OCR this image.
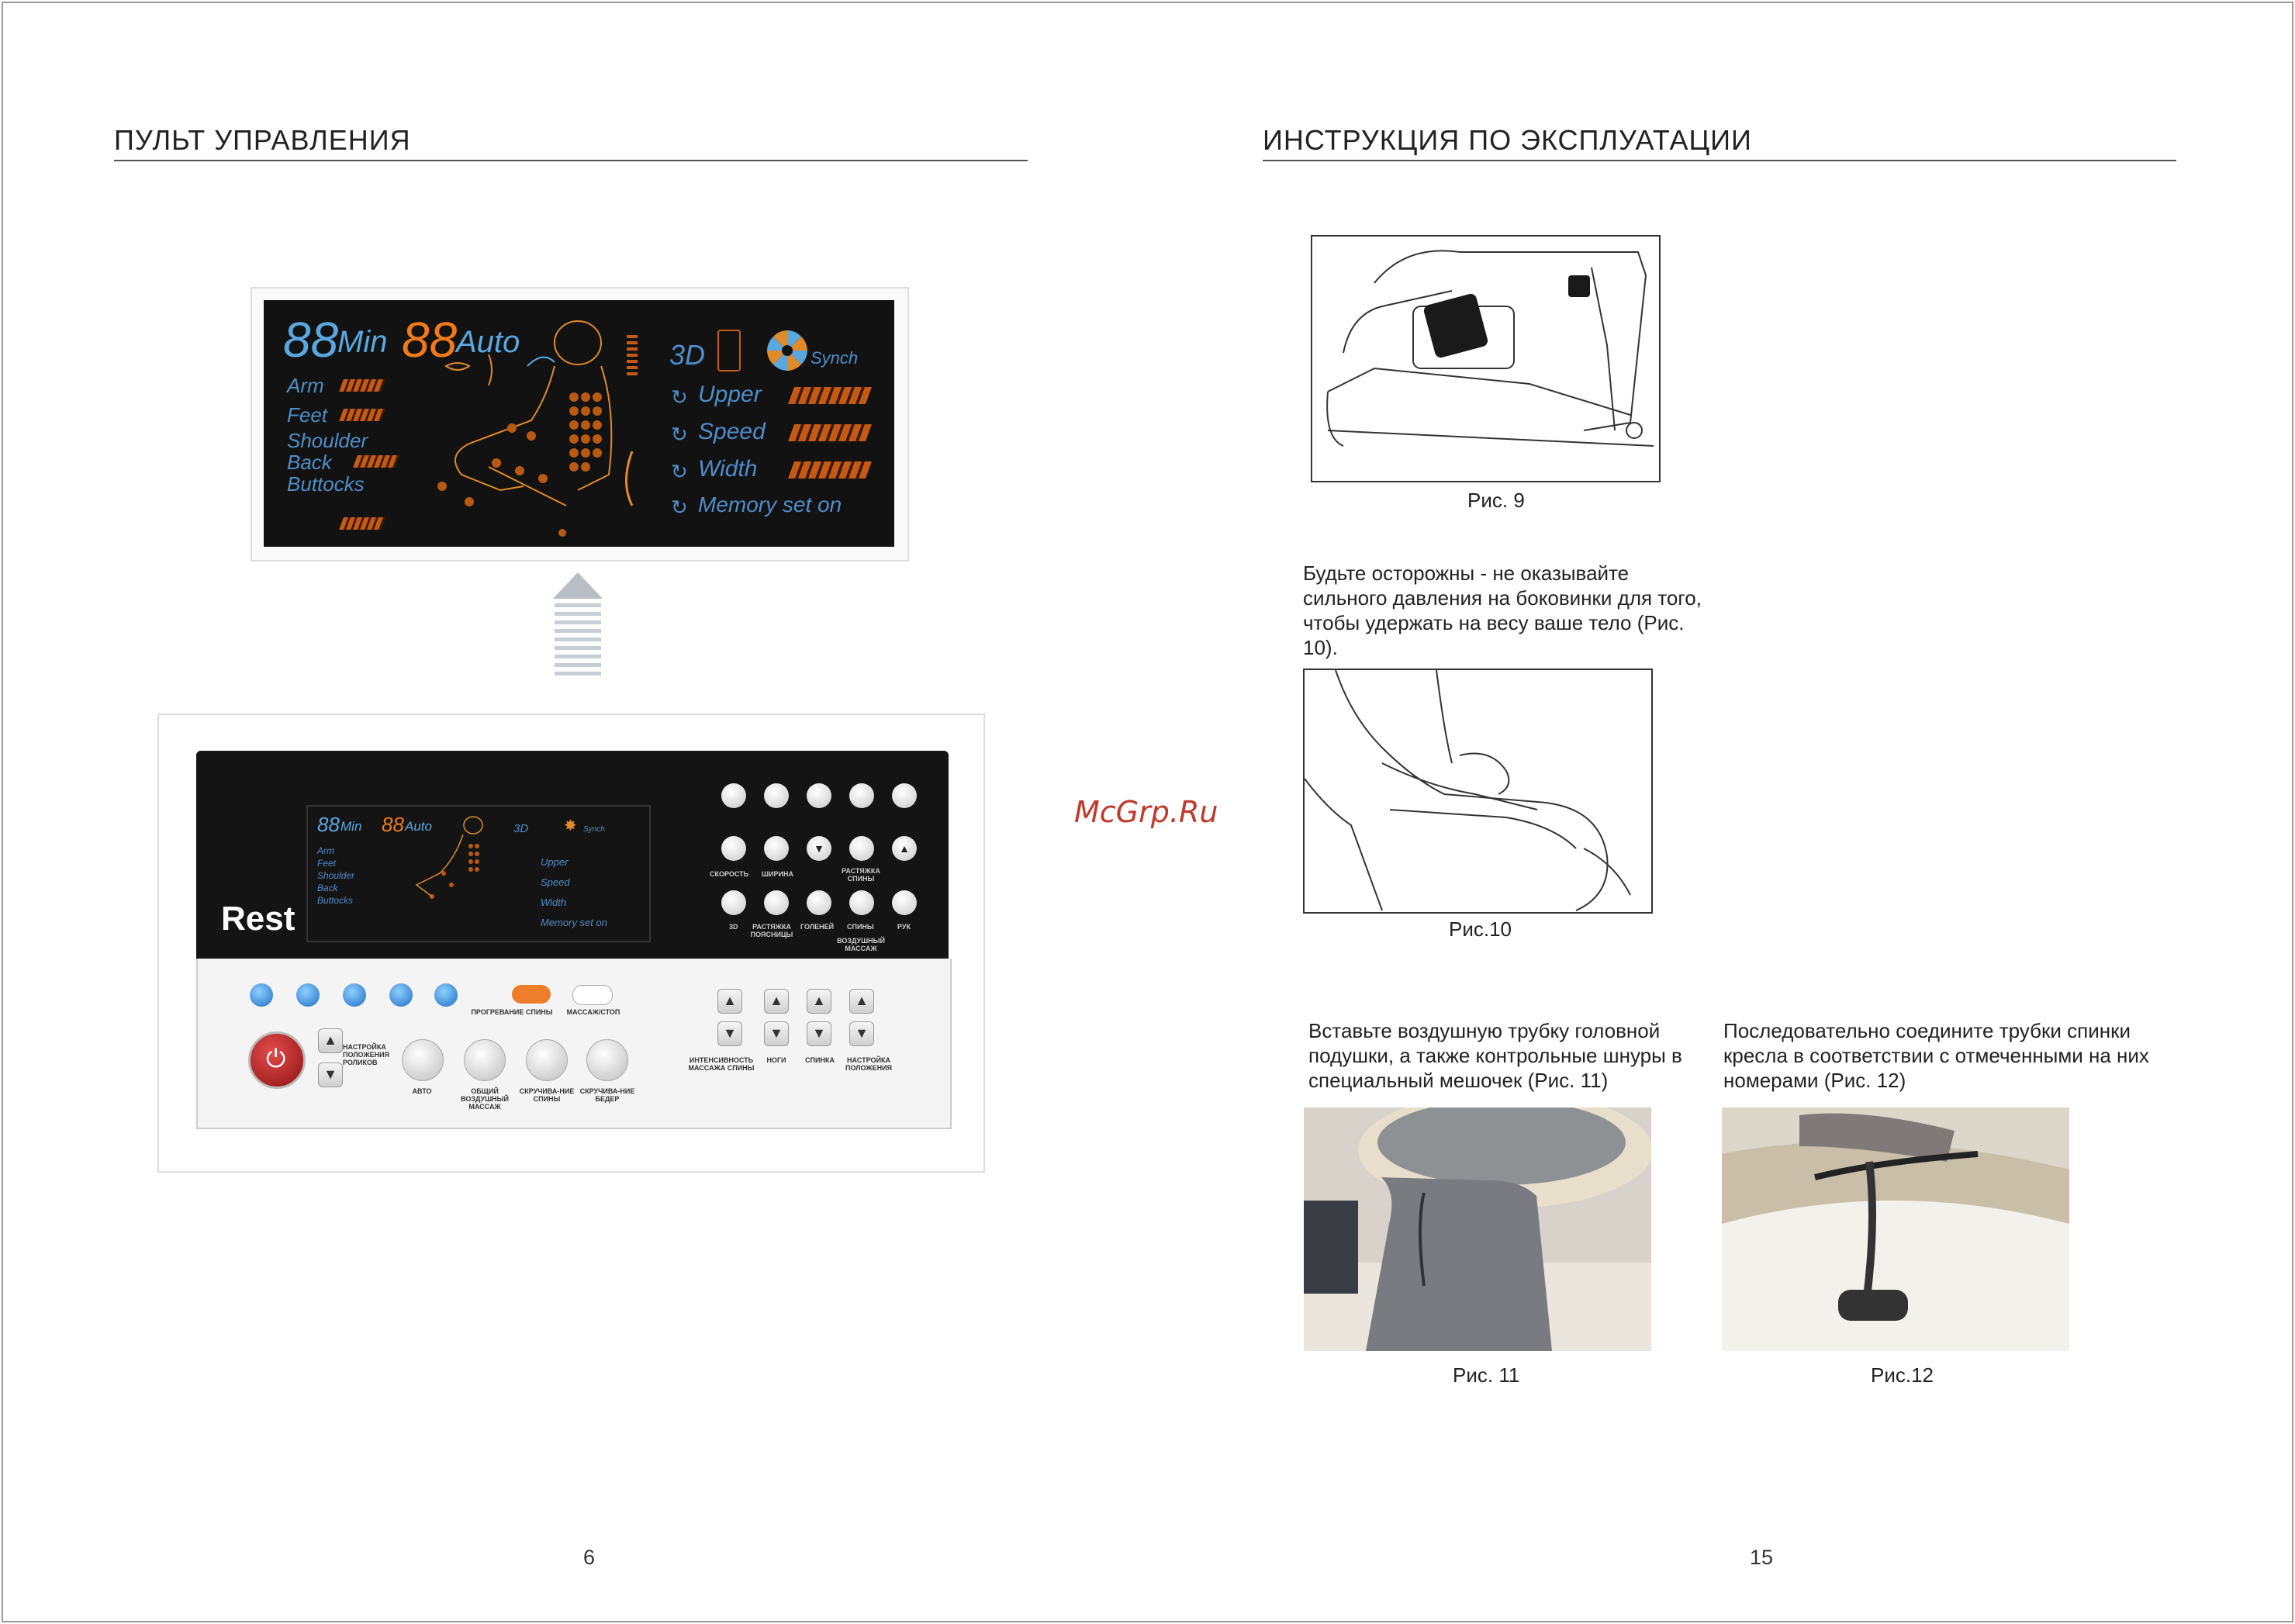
ПУЛЬТ УПРАВЛЕНИЯ
88
Min 88
Auto
Arm
Feet
Shoulder
Back
Buttocks
3D	Synch
↻ Upper
↻ Speed
↻ Width
↻ Memory set on
88 Min 88 Auto
Arm
Feet
Shoulder
Back
Buttocks
3D ✸ Synch
Upper
Speed
Width
Memory set on
Rest
▼	▲
СКОРОСТЬ ШИРИНА	РАСТЯЖКА СПИНЫ
3D	РАСТЯЖКА ПОЯСНИЦЫ
ГОЛЕНЕЙ СПИНЫ	РУК
ВОЗДУШНЫЙ МАССАЖ
ПРОГРЕВАНИЕ СПИНЫ	МАССАЖ/СТОП
⏻
▲
▼
НАСТРОЙКА ПОЛОЖЕНИЯ РОЛИКОВ
АВТО	ОБЩИЙ ВОЗДУШНЫЙ МАССАЖ
СКРУЧИВА-НИЕ СПИНЫ
СКРУЧИВА-НИЕ БЕДЕР
▲
▼
▲
▼
▲
▼
▲
▼
ИНТЕНСИВНОСТЬ МАССАЖА СПИНЫ
НОГИ	СПИНКА	НАСТРОЙКА ПОЛОЖЕНИЯ
6
McGrp.Ru
ИНСТРУКЦИЯ ПО ЭКСПЛУАТАЦИИ
Рис. 9

Будьте осторожны - не оказывайте сильного давления на боковинки для того, чтобы удержать на весу ваше тело (Рис. 10).

Рис.10

Вставьте воздушную трубку головной подушки, а также контрольные шнуры в специальный мешочек (Рис. 11)

Последовательно соедините трубки спинки кресла в соответствии с отмеченными на них номерами (Рис. 12)

Рис. 11	Рис.12
15
